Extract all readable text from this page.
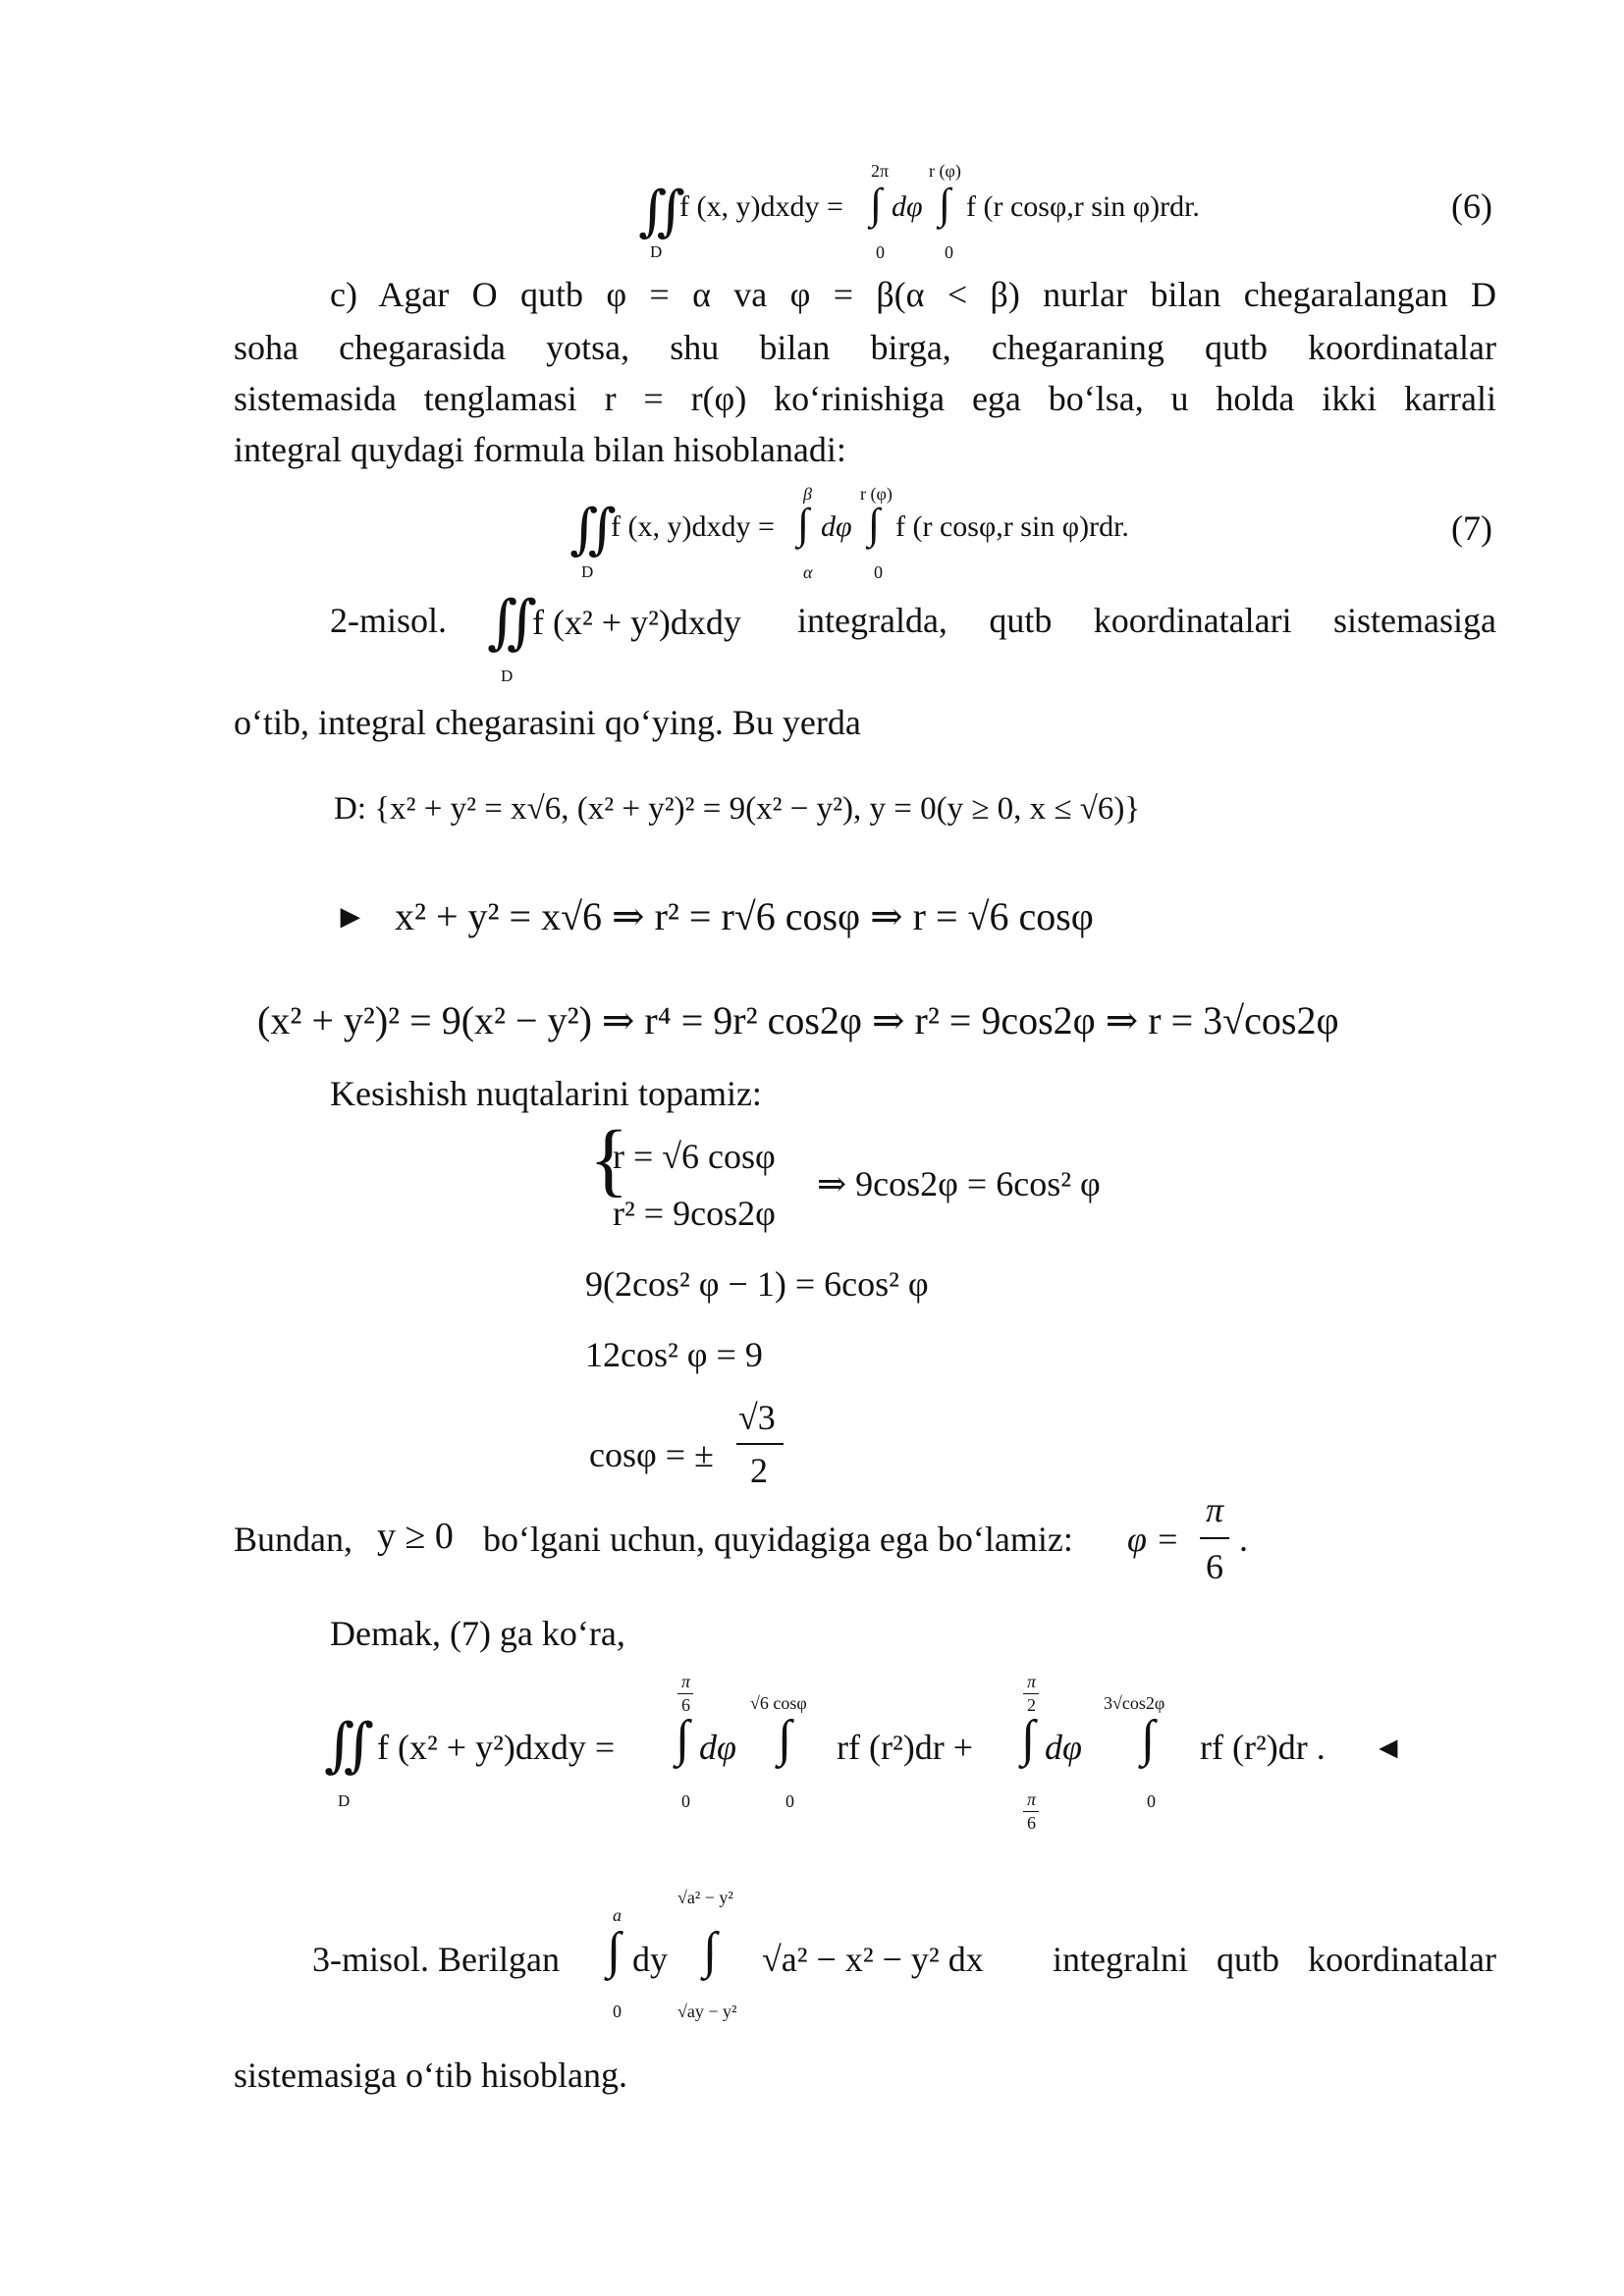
∬
D
f (x, y)dxdy =
2π
∫
0
dφ
r (φ)
∫
0
f (r cosφ,r sin φ)rdr.	(6)
c) Agar O qutb φ = α va φ = β(α < β) nurlar bilan chegaralangan D
soha chegarasida yotsa, shu bilan birga, chegaraning qutb koordinatalar
sistemasida tenglamasi r = r(φ) ko‘rinishiga ega bo‘lsa, u holda ikki karrali
integral quydagi formula bilan hisoblanadi:
∬
D
f (x, y)dxdy =
β
∫
α
dφ
r (φ)
∫
0
f (r cosφ,r sin φ)rdr.	(7)
2-misol. ∬
D
f (x² + y²)dxdy integralda, qutb koordinatalari sistemasiga
o‘tib, integral chegarasini qo‘ying. Bu yerda
D: {x² + y² = x√6, (x² + y²)² = 9(x² − y²), y = 0(y ≥ 0, x ≤ √6)}
► x² + y² = x√6 ⇒ r² = r√6 cosφ ⇒ r = √6 cosφ
(x² + y²)² = 9(x² − y²) ⇒ r⁴ = 9r² cos2φ ⇒ r² = 9cos2φ ⇒ r = 3√cos2φ
Kesishish nuqtalarini topamiz:
{
r = √6 cosφ
r² = 9cos2φ
⇒ 9cos2φ = 6cos² φ
9(2cos² φ − 1) = 6cos² φ
12cos² φ = 9
cosφ = ±
√3
2
Bundan, y ≥ 0 bo‘lgani uchun, quyidagiga ega bo‘lamiz: φ =
π
6
.
Demak, (7) ga ko‘ra,
∬
D
f (x² + y²)dxdy =
π
6
∫
0
dφ
√6 cosφ
∫
0
rf (r²)dr +
π
2
∫
π
6
dφ
3√cos2φ
∫
0
rf (r²)dr . ◄
3-misol. Berilgan
a
∫
0
dy
√a² − y²
∫
√ay − y²
√a² − x² − y² dx integralni qutb koordinatalar
sistemasiga o‘tib hisoblang.
